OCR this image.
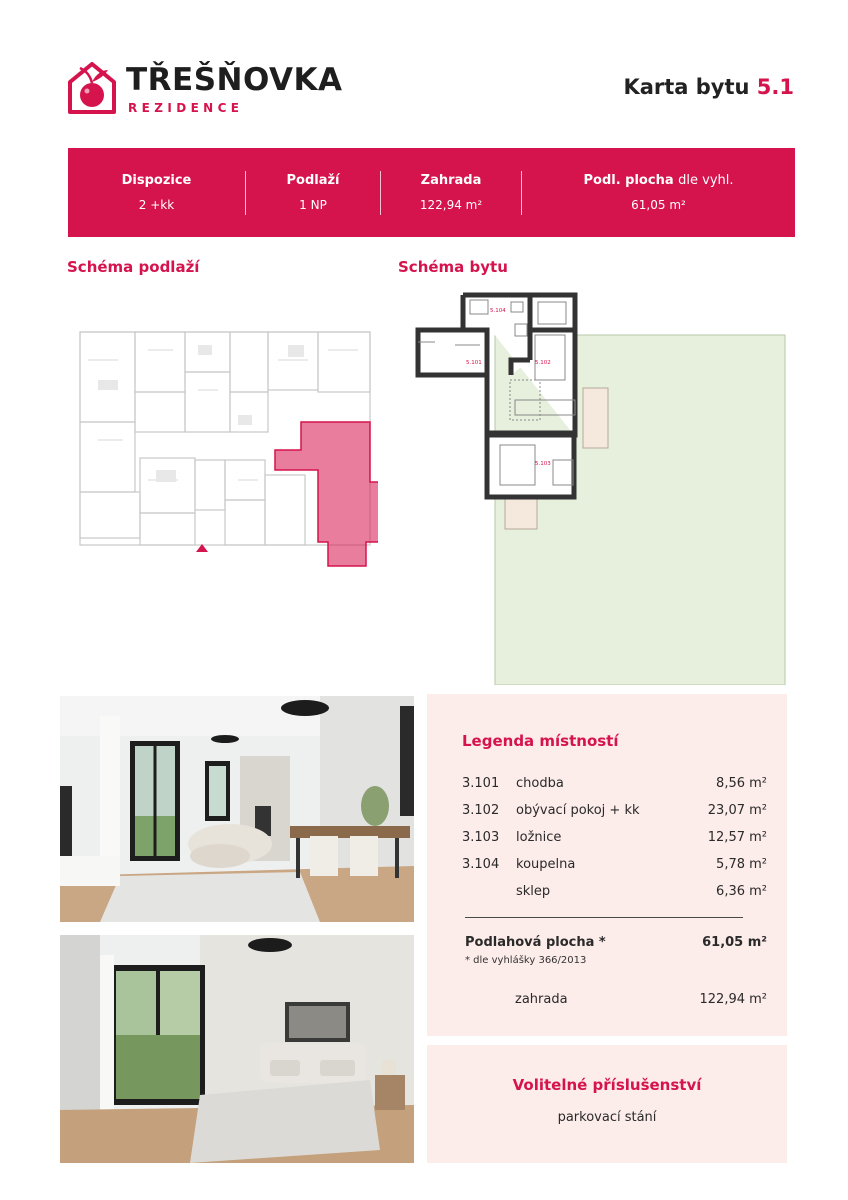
TŘEŠŇOVKA
REZIDENCE
Karta bytu 5.1
Dispozice
2 +kk
Podlaží
1 NP
Zahrada
122,94 m²
Podl. plocha dle vyhl.
61,05 m²
Schéma podlaží	Schéma bytu
5.101	5.102
5.103
5.104
Legenda místností
3.101 chodba	8,56 m²
3.102 obývací pokoj + kk	23,07 m²
3.103 ložnice	12,57 m²
3.104 koupelna	5,78 m²
sklep	6,36 m²
Podlahová plocha *	61,05 m²
* dle vyhlášky 366/2013
zahrada	122,94 m²
Volitelné příslušenství
parkovací stání
